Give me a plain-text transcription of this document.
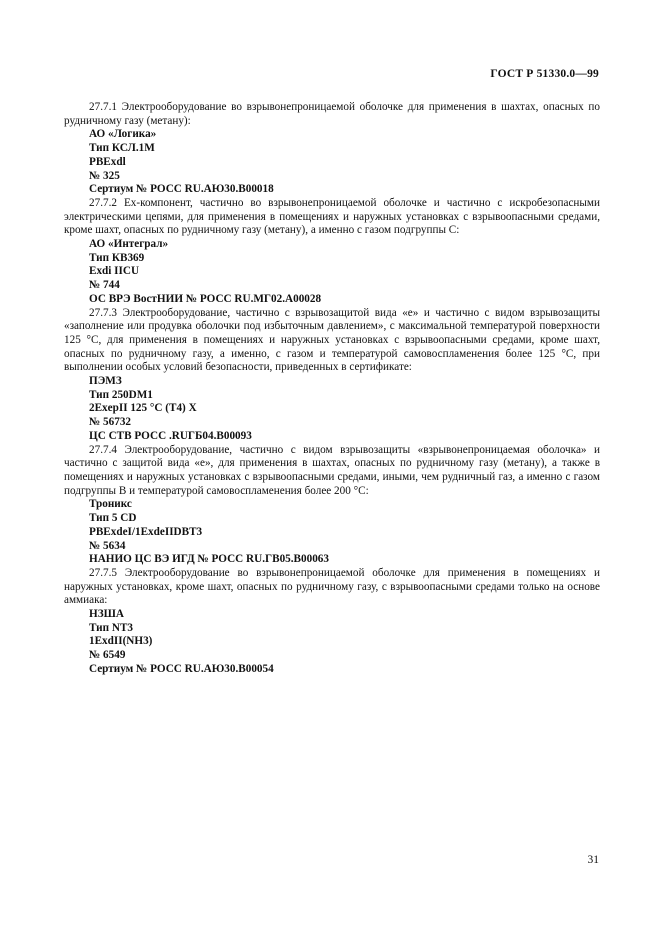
ГОСТ Р 51330.0—99

27.7.1 Электрооборудование во взрывонепроницаемой оболочке для применения в шахтах, опасных по рудничному газу (метану):

АО «Логика»

Тип КСЛ.1М

РВExdl

№ 325

Сертиум № РОСС RU.АЮ30.В00018

27.7.2 Ex-компонент, частично во взрывонепроницаемой оболочке и частично с искробезопасными электрическими цепями, для применения в помещениях и наружных установках с взрывоопасными средами, кроме шахт, опасных по рудничному газу (метану), а именно с газом подгруппы С:

АО «Интеграл»

Тип КВ369

Exdi IICU

№ 744

ОС ВРЭ ВостНИИ № РОСС RU.МГ02.А00028

27.7.3 Электрооборудование, частично с взрывозащитой вида «е» и частично с видом взрывозащиты «заполнение или продувка оболочки под избыточным давлением», с максимальной температурой поверхности 125 °С, для применения в помещениях и наружных установках с взрывоопасными средами, кроме шахт, опасных по рудничному газу, а именно, с газом и температурой самовоспламенения более 125 °С, при выполнении особых условий безопасности, приведенных в сертификате:

ПЭМЗ

Тип 250DM1

2ExepII 125 °С (Т4) X

№ 56732

ЦС СТВ РОСС .RUГБ04.В00093

27.7.4 Электрооборудование, частично с видом взрывозащиты «взрывонепроницаемая оболочка» и частично с защитой вида «е», для применения в шахтах, опасных по рудничному газу (метану), а также в помещениях и наружных установках с взрывоопасными средами, иными, чем рудничный газ, а именно с газом подгруппы В и температурой самовоспламенения более 200 °С:

Троникс

Тип 5 CD

PBExdeI/1ExdeIIDBT3

№ 5634

НАНИО ЦС ВЭ ИГД № РОСС RU.ГВ05.В00063

27.7.5 Электрооборудование во взрывонепроницаемой оболочке для применения в помещениях и наружных установках, кроме шахт, опасных по рудничному газу, с взрывоопасными средами только на основе аммиака:

НЗША

Тип NT3

1ExdII(NH3)

№ 6549

Сертиум № РОСС RU.АЮ30.В00054

31
